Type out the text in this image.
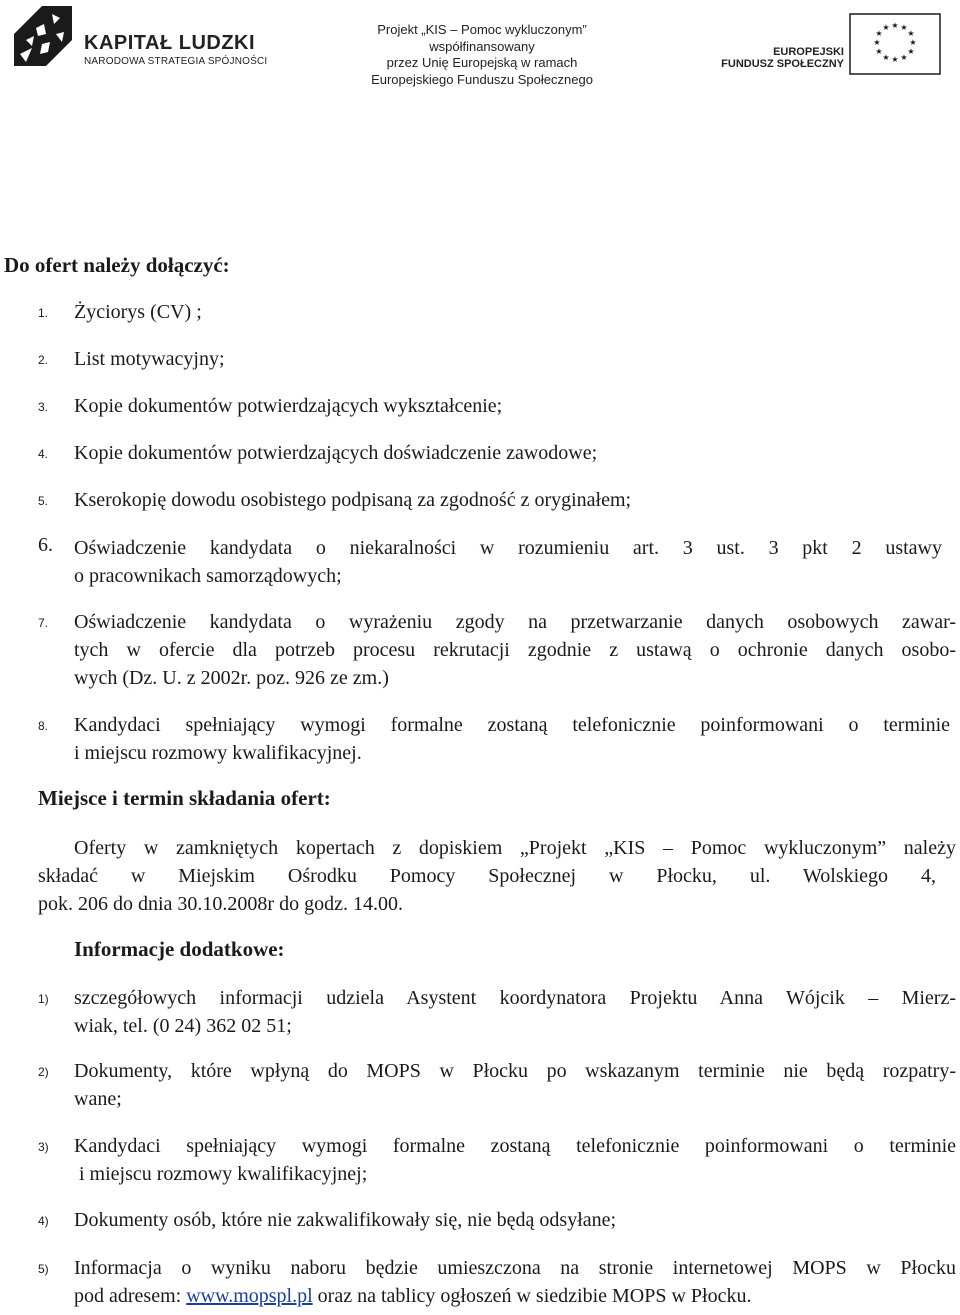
KAPITAŁ LUDZKI
NARODOWA STRATEGIA SPÓJNOŚCI
Projekt „KIS – Pomoc wykluczonym”
współfinansowany
przez Unię Europejską w ramach
Europejskiego Funduszu Społecznego
EUROPEJSKI
FUNDUSZ SPOŁECZNY
★ ★
★
★
★
★
★
★
★
★
★
★
Do ofert należy dołączyć:
1. Życiorys (CV) ;
2. List motywacyjny;
3. Kopie dokumentów potwierdzających wykształcenie;
4. Kopie dokumentów potwierdzających doświadczenie zawodowe;
5. Kserokopię dowodu osobistego podpisaną za zgodność z oryginałem;
6. Oświadczenie kandydata o niekaralności w rozumieniu art. 3 ust. 3 pkt 2 ustawy
o pracownikach samorządowych;
7. Oświadczenie kandydata o wyrażeniu zgody na przetwarzanie danych osobowych zawar-
tych w ofercie dla potrzeb procesu rekrutacji zgodnie z ustawą o ochronie danych osobo-
wych (Dz. U. z 2002r. poz. 926 ze zm.)
8. Kandydaci spełniający wymogi formalne zostaną telefonicznie poinformowani o terminie
i miejscu rozmowy kwalifikacyjnej.
Miejsce i termin składania ofert:
Oferty w zamkniętych kopertach z dopiskiem „Projekt „KIS – Pomoc wykluczonym” należy
składać w Miejskim Ośrodku Pomocy Społecznej w Płocku, ul. Wolskiego 4,
pok. 206 do dnia 30.10.2008r do godz. 14.00.
Informacje dodatkowe:
1) szczegółowych informacji udziela Asystent koordynatora Projektu Anna Wójcik – Mierz-
wiak, tel. (0 24) 362 02 51;
2) Dokumenty, które wpłyną do MOPS w Płocku po wskazanym terminie nie będą rozpatry-
wane;
3) Kandydaci spełniający wymogi formalne zostaną telefonicznie poinformowani o terminie
i miejscu rozmowy kwalifikacyjnej;
4) Dokumenty osób, które nie zakwalifikowały się, nie będą odsyłane;
5) Informacja o wyniku naboru będzie umieszczona na stronie internetowej MOPS w Płocku
pod adresem: www.mopspl.pl oraz na tablicy ogłoszeń w siedzibie MOPS w Płocku.
